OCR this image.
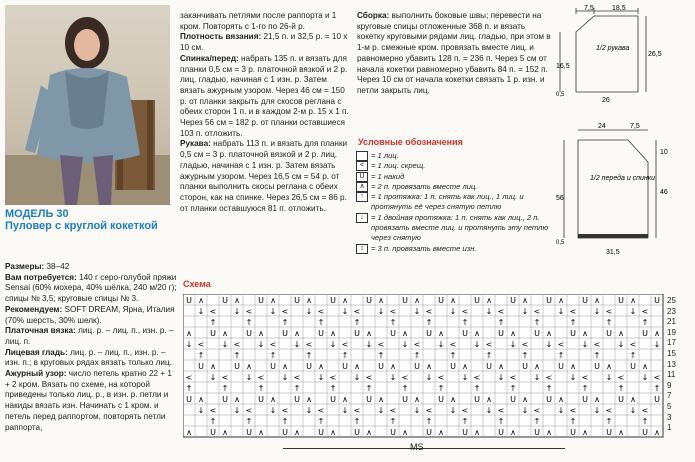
МОДЕЛЬ 30
Пуловер с круглой кокеткой
Размеры: 38–42
Вам потребуется: 140 г серо-голубой пряжи Sensai (60% мохера, 40% шёлка, 240 м/20 г); спицы № 3,5; круговые спицы № 3.
Рекомендуем: SOFT DREAM, Ярна, Италия (70% шерсть, 30% шелк).
Платочная вязка: лиц. р. – лиц. п., изн. р. – лиц. п.
Лицевая гладь: лиц. р. – лиц. п., изн. р. – изн. п.; в круговых рядах вязать только лиц.
Ажурный узор: число петель кратно 22 + 1 + 2 кром. Вязать по схеме, на которой приведены только лиц. р., в изн. р. петли и накиды вязать изн. Начинать с 1 кром. и петель перед раппортом, повторять петли раппорта,
заканчивать петлями после раппорта и 1 кром. Повторять с 1-го по 26-й р.
Плотность вязания: 21,5 п. и 32,5 р. = 10 х 10 см.
Спинка/перед: набрать 135 п. и вязать для планки 0,5 см = 3 р. платочной вязкой и 2 р. лиц. гладью, начиная с 1 изн. р. Затем вязать ажурным узором. Через 46 см = 150 р. от планки закрыть для скосов реглана с обеих сторон 1 п. и в каждом 2-м р. 15 х 1 п. Через 56 см = 182 р. от планки оставшиеся 103 п. отложить.
Рукава: набрать 113 п. и вязать для планки 0,5 см = 3 р. платочной вязкой и 2 р. лиц. гладью, начиная с 1 изн. р. Затем вязать ажурным узором. Через 16,5 см = 54 р. от планки выполнить скосы реглана с обеих сторон, как на спинке. Через 26,5 см = 86 р. от планки оставшуюся 81 п. отложить.
Сборка: выполнить боковые швы; перевести на круговые спицы отложенные 368 п. и вязать кокетку круговыми рядами лиц. гладью, при этом в 1-м р. смежные кром. провязать вместе лиц. и равномерно убавить 128 п. = 236 п. Через 5 см от начала кокетки равномерно убавить 84 п. = 152 п. Через 10 см от начала кокетки связать 1 р. изн. и петли закрыть лиц.
Условные обозначения
= 1 лиц.
< = 1 лиц. скрещ.
U = 1 накид
∧ = 2 п. провязать вместе лиц.
↑ = 1 протяжка: 1 п. снять как лиц., 1 лиц. и протянуть её через снятую петлю
↓ = 1 двойная протяжка: 1 п. снять как лиц., 2 п. провязать вместе лиц. и протянуть эту петлю через снятую
↕ = 3 п. провязать вместе изн.
7,5	18,5
26,5
16,5
1/2 рукава
26
0,5
24	7,5
10
46
56
1/2 переда и спинки
31,5
0,5
Схема
U ∧ U ∧ U ∧ U ∧ U ∧ U ∧ U ∧ U ∧ U ∧ U ∧ U ∧ U ∧ U ∧ U
↓ < ↓ < ↓ < ↓ < ↓ < ↓ < ↓ < ↓ < ↓ < ↓ < ↓ < ↓ < ↓ <
↑	↑	↑	↑	↑	↑	↑	↑	↑	↑	↑	↑	↑
∧ U ∧ U ∧ U ∧ U ∧ U ∧ U ∧ U ∧ U ∧ U ∧ U ∧ U ∧ U ∧ U ∧
↓ < ↓ < ↓ < ↓ < ↓ < ↓ < ↓ < ↓ < ↓ < ↓ < ↓ < ↓ < ↓ < ↓
↑	↑	↑	↑	↑	↑	↑	↑	↑	↑	↑	↑	↑
U ∧ U ∧ U ∧ U ∧ U ∧ U ∧ U ∧ U ∧ U ∧ U ∧ U ∧ U ∧ U ∧
< ↓ < ↓ < ↓ < ↓ < ↓ < ↓ < ↓ < ↓ < ↓ < ↓ < ↓ < ↓ < ↓ <
↑	↑	↑	↑	↑	↑	↑	↑	↑	↑	↑	↑	↑	↑
U ∧ U ∧ U ∧ U ∧ U ∧ U ∧ U ∧ U ∧ U ∧ U ∧ U ∧ U ∧ U ∧ U
↓ < ↓ < ↓ < ↓ < ↓ < ↓ < ↓ < ↓ < ↓ < ↓ < ↓ < ↓ < ↓ <
↑	↑	↑	↑	↑	↑	↑	↑	↑	↑	↑	↑	↑
∧ U ∧ U ∧ U ∧ U ∧ U ∧ U ∧ U ∧ U ∧ U ∧ U ∧ U ∧ U ∧ U ∧
25
23
21
19
17
15
13
11
9
7
5
3
1
MS
